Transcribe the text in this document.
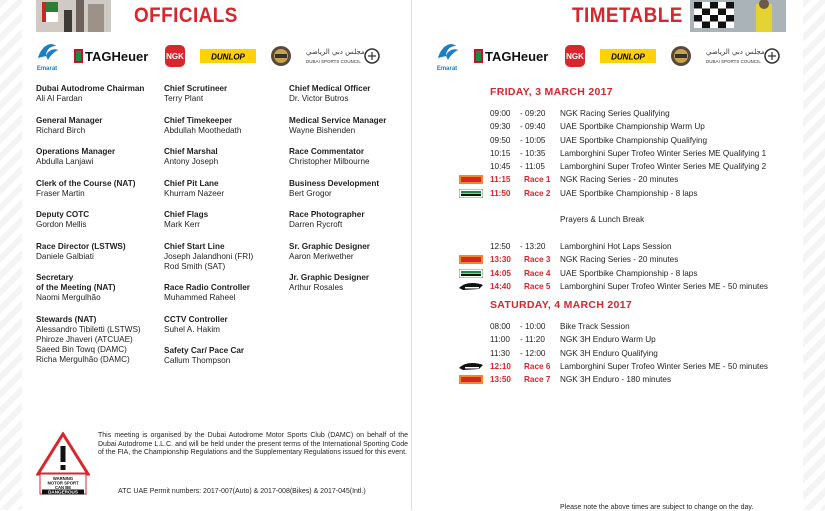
OFFICIALS
Emarat
TAGHeuer NGK	DUNLOP
مجلس دبي الرياضي
DUBAI SPORTS COUNCIL
Dubai Autodrome Chairman
Ali Al Fardan
General Manager
Richard Birch
Operations Manager
Abdulla Lanjawi
Clerk of the Course (NAT)
Fraser Martin
Deputy COTC
Gordon Mellis
Race Director (LSTWS)
Daniele Galbiati
Secretary
of the Meeting (NAT)
Naomi Mergulhão
Stewards (NAT)
Alessandro Tibiletti (LSTWS)
Phiroze Jhaveri (ATCUAE)
Saeed Bin Towq (DAMC)
Richa Mergulhão (DAMC)
Chief Scrutineer
Terry Plant
Chief Timekeeper
Abdullah Moothedath
Chief Marshal
Antony Joseph
Chief Pit Lane
Khurram Nazeer
Chief Flags
Mark Kerr
Chief Start Line
Joseph Jalandhoni (FRI)
Rod Smith (SAT)
Race Radio Controller
Muhammed Raheel
CCTV Controller
Suhel A. Hakim
Safety Car/ Pace Car
Callum Thompson
Chief Medical Officer
Dr. Victor Butros
Medical Service Manager
Wayne Bishenden
Race Commentator
Christopher Milbourne
Business Development
Bert Grogor
Race Photographer
Darren Rycroft
Sr. Graphic Designer
Aaron Meriwether
Jr. Graphic Designer
Arthur Rosales
WARNING
MOTOR SPORT
CAN BE
DANGEROUS
This meeting is organised by the Dubai Autodrome Motor Sports Club (DAMC) on behalf of the Dubai Autodrome L.L.C. and will be held under the present terms of the International Sporting Code of the FIA, the Championship Regulations and the Supplementary Regulations issued for this event.
ATC UAE Permit numbers: 2017-007(Auto) & 2017-008(Bikes) & 2017-045(Intl.)
TIMETABLE
Emarat
TAGHeuer NGK	DUNLOP
مجلس دبي الرياضي
DUBAI SPORTS COUNCIL
FRIDAY, 3 MARCH 2017
09:00 - 09:20 NGK Racing Series Qualifying
09:30 - 09:40 UAE Sportbike Championship Warm Up
09:50 - 10:05 UAE Sportbike Championship Qualifying
10:15 - 10:35 Lamborghini Super Trofeo Winter Series ME Qualifying 1
10:45 - 11:05 Lamborghini Super Trofeo Winter Series ME Qualifying 2
11:15 Race 1 NGK Racing Series - 20 minutes
11:50 Race 2 UAE Sportbike Championship - 8 laps
Prayers & Lunch Break
12:50 - 13:20 Lamborghini Hot Laps Session
13:30 Race 3 NGK Racing Series - 20 minutes
14:05 Race 4 UAE Sportbike Championship - 8 laps
14:40 Race 5 Lamborghini Super Trofeo Winter Series ME - 50 minutes
SATURDAY, 4 MARCH 2017
08:00 - 10:00 Bike Track Session
11:00 - 11:20 NGK 3H Enduro Warm Up
11:30 - 12:00 NGK 3H Enduro Qualifying
12:10 Race 6 Lamborghini Super Trofeo Winter Series ME - 50 minutes
13:50 Race 7 NGK 3H Enduro - 180 minutes
Please note the above times are subject to change on the day.
